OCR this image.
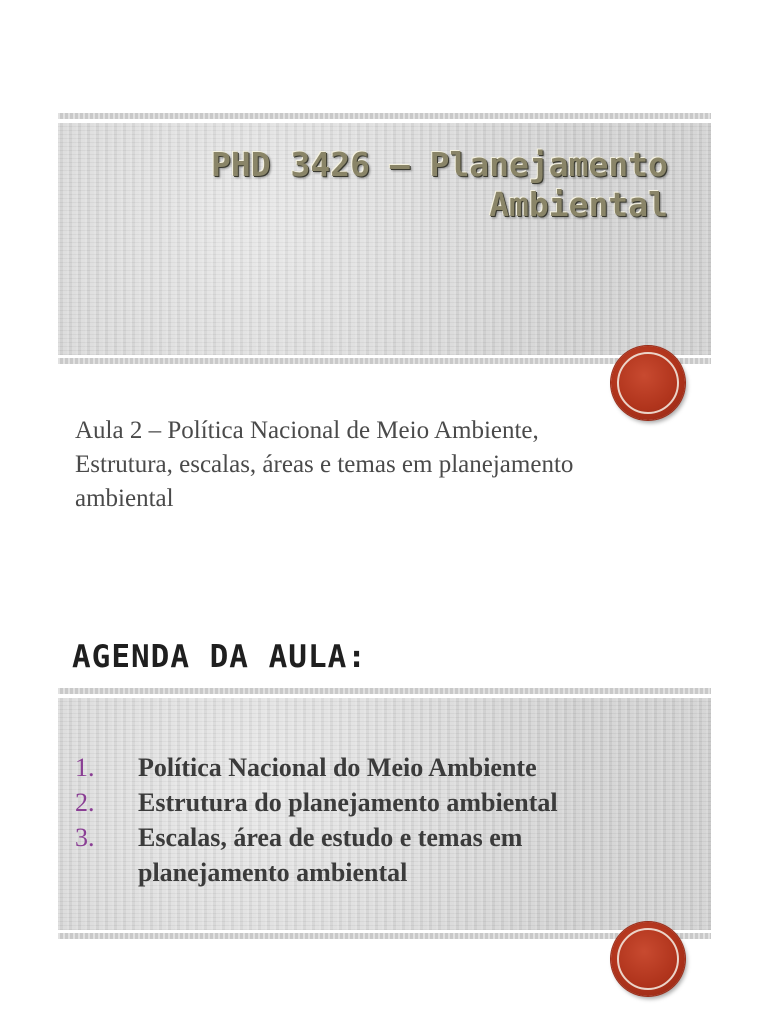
PHD 3426 – Planejamento
Ambiental
Aula 2 – Política Nacional de Meio Ambiente,
Estrutura, escalas, áreas e temas em planejamento
ambiental
AGENDA DA AULA:
1. Política Nacional do Meio Ambiente
2. Estrutura do planejamento ambiental
3. Escalas, área de estudo e temas em
planejamento ambiental
